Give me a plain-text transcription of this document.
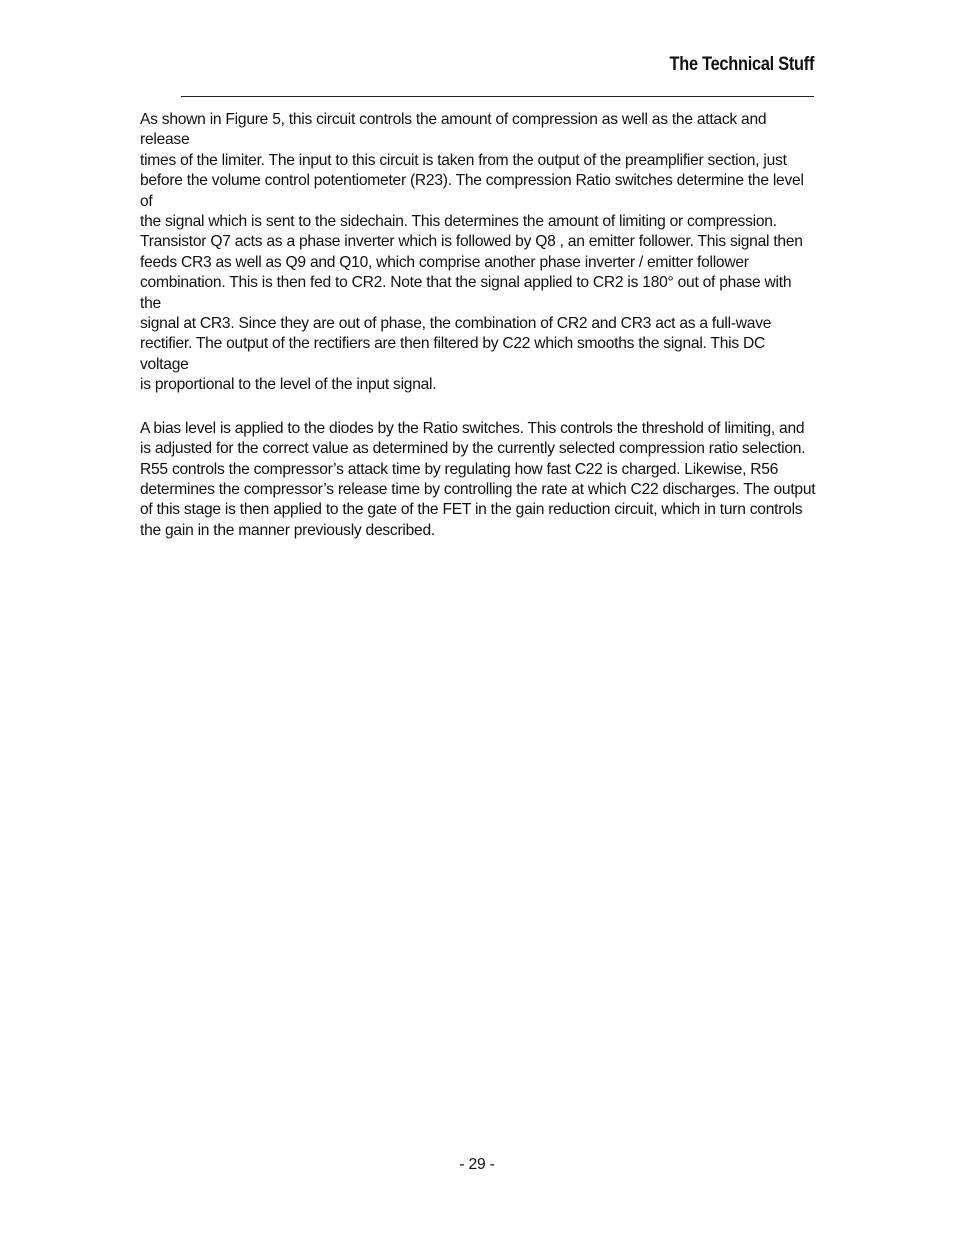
The Technical Stuff

As shown in Figure 5, this circuit controls the amount of compression as well as the attack and release
times of the limiter. The input to this circuit is taken from the output of the preamplifier section, just
before the volume control potentiometer (R23). The compression Ratio switches determine the level of
the signal which is sent to the sidechain. This determines the amount of limiting or compression.
Transistor Q7 acts as a phase inverter which is followed by Q8 , an emitter follower. This signal then
feeds CR3 as well as Q9 and Q10, which comprise another phase inverter / emitter follower
combination. This is then fed to CR2. Note that the signal applied to CR2 is 180° out of phase with the
signal at CR3. Since they are out of phase, the combination of CR2 and CR3 act as a full-wave
rectifier. The output of the rectifiers are then filtered by C22 which smooths the signal. This DC voltage
is proportional to the level of the input signal.

A bias level is applied to the diodes by the Ratio switches. This controls the threshold of limiting, and
is adjusted for the correct value as determined by the currently selected compression ratio selection.
R55 controls the compressor’s attack time by regulating how fast C22 is charged. Likewise, R56
determines the compressor’s release time by controlling the rate at which C22 discharges. The output
of this stage is then applied to the gate of the FET in the gain reduction circuit, which in turn controls
the gain in the manner previously described.

- 29 -
